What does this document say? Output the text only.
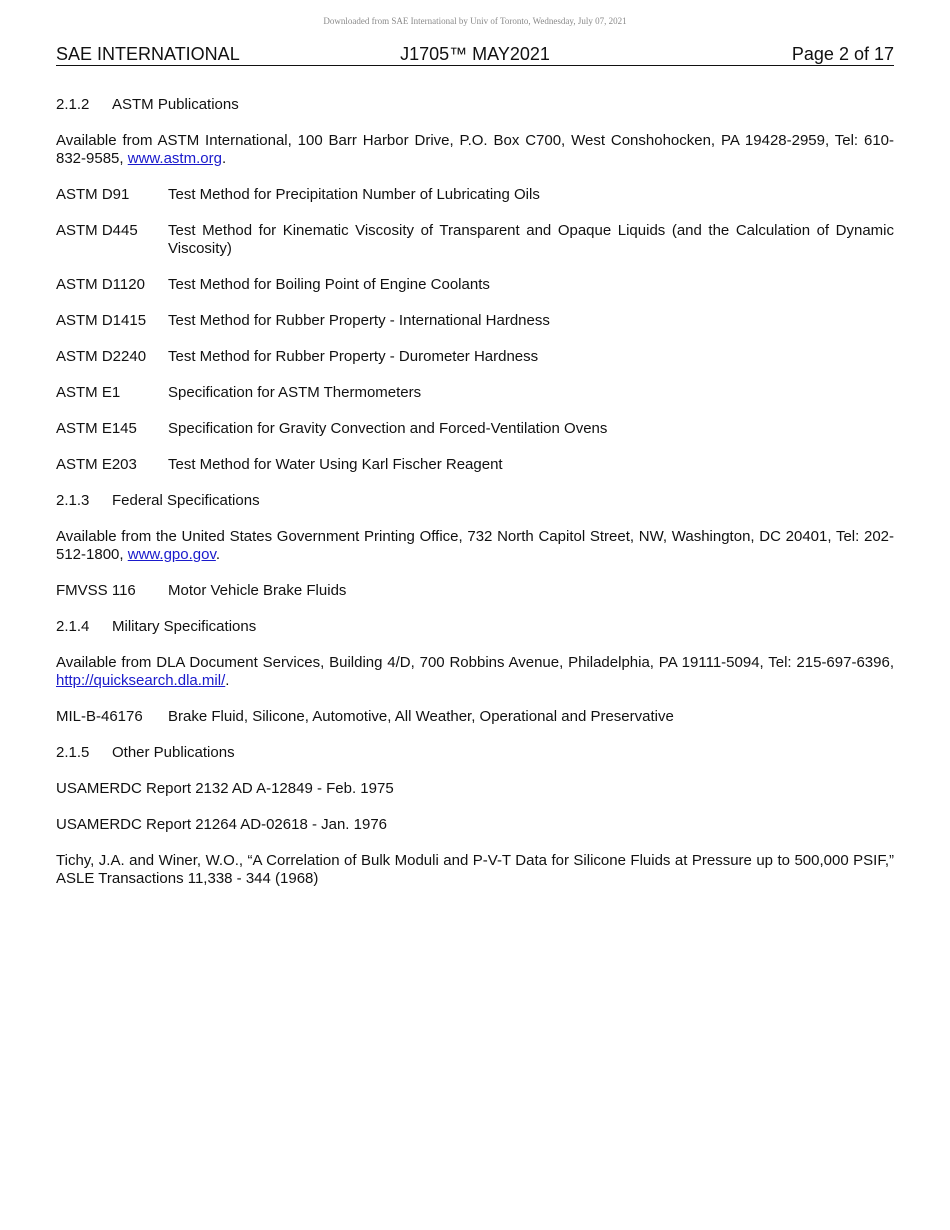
Downloaded from SAE International by Univ of Toronto, Wednesday, July 07, 2021
SAE INTERNATIONAL	J1705™ MAY2021	Page 2 of 17

2.1.2 ASTM Publications

Available from ASTM International, 100 Barr Harbor Drive, P.O. Box C700, West Conshohocken, PA 19428-2959, Tel: 610-832-9585, www.astm.org.

ASTM D91	Test Method for Precipitation Number of Lubricating Oils
ASTM D445	Test Method for Kinematic Viscosity of Transparent and Opaque Liquids (and the Calculation of Dynamic Viscosity)
ASTM D1120	Test Method for Boiling Point of Engine Coolants
ASTM D1415	Test Method for Rubber Property - International Hardness
ASTM D2240	Test Method for Rubber Property - Durometer Hardness
ASTM E1	Specification for ASTM Thermometers
ASTM E145	Specification for Gravity Convection and Forced-Ventilation Ovens
ASTM E203	Test Method for Water Using Karl Fischer Reagent

2.1.3 Federal Specifications

Available from the United States Government Printing Office, 732 North Capitol Street, NW, Washington, DC 20401, Tel: 202-512-1800, www.gpo.gov.

FMVSS 116	Motor Vehicle Brake Fluids

2.1.4 Military Specifications

Available from DLA Document Services, Building 4/D, 700 Robbins Avenue, Philadelphia, PA 19111-5094, Tel: 215-697-6396, http://quicksearch.dla.mil/.

MIL-B-46176	Brake Fluid, Silicone, Automotive, All Weather, Operational and Preservative

2.1.5 Other Publications

USAMERDC Report 2132 AD A-12849 - Feb. 1975

USAMERDC Report 21264 AD-02618 - Jan. 1976

Tichy, J.A. and Winer, W.O., “A Correlation of Bulk Moduli and P-V-T Data for Silicone Fluids at Pressure up to 500,000 PSIF,” ASLE Transactions 11,338 - 344 (1968)
